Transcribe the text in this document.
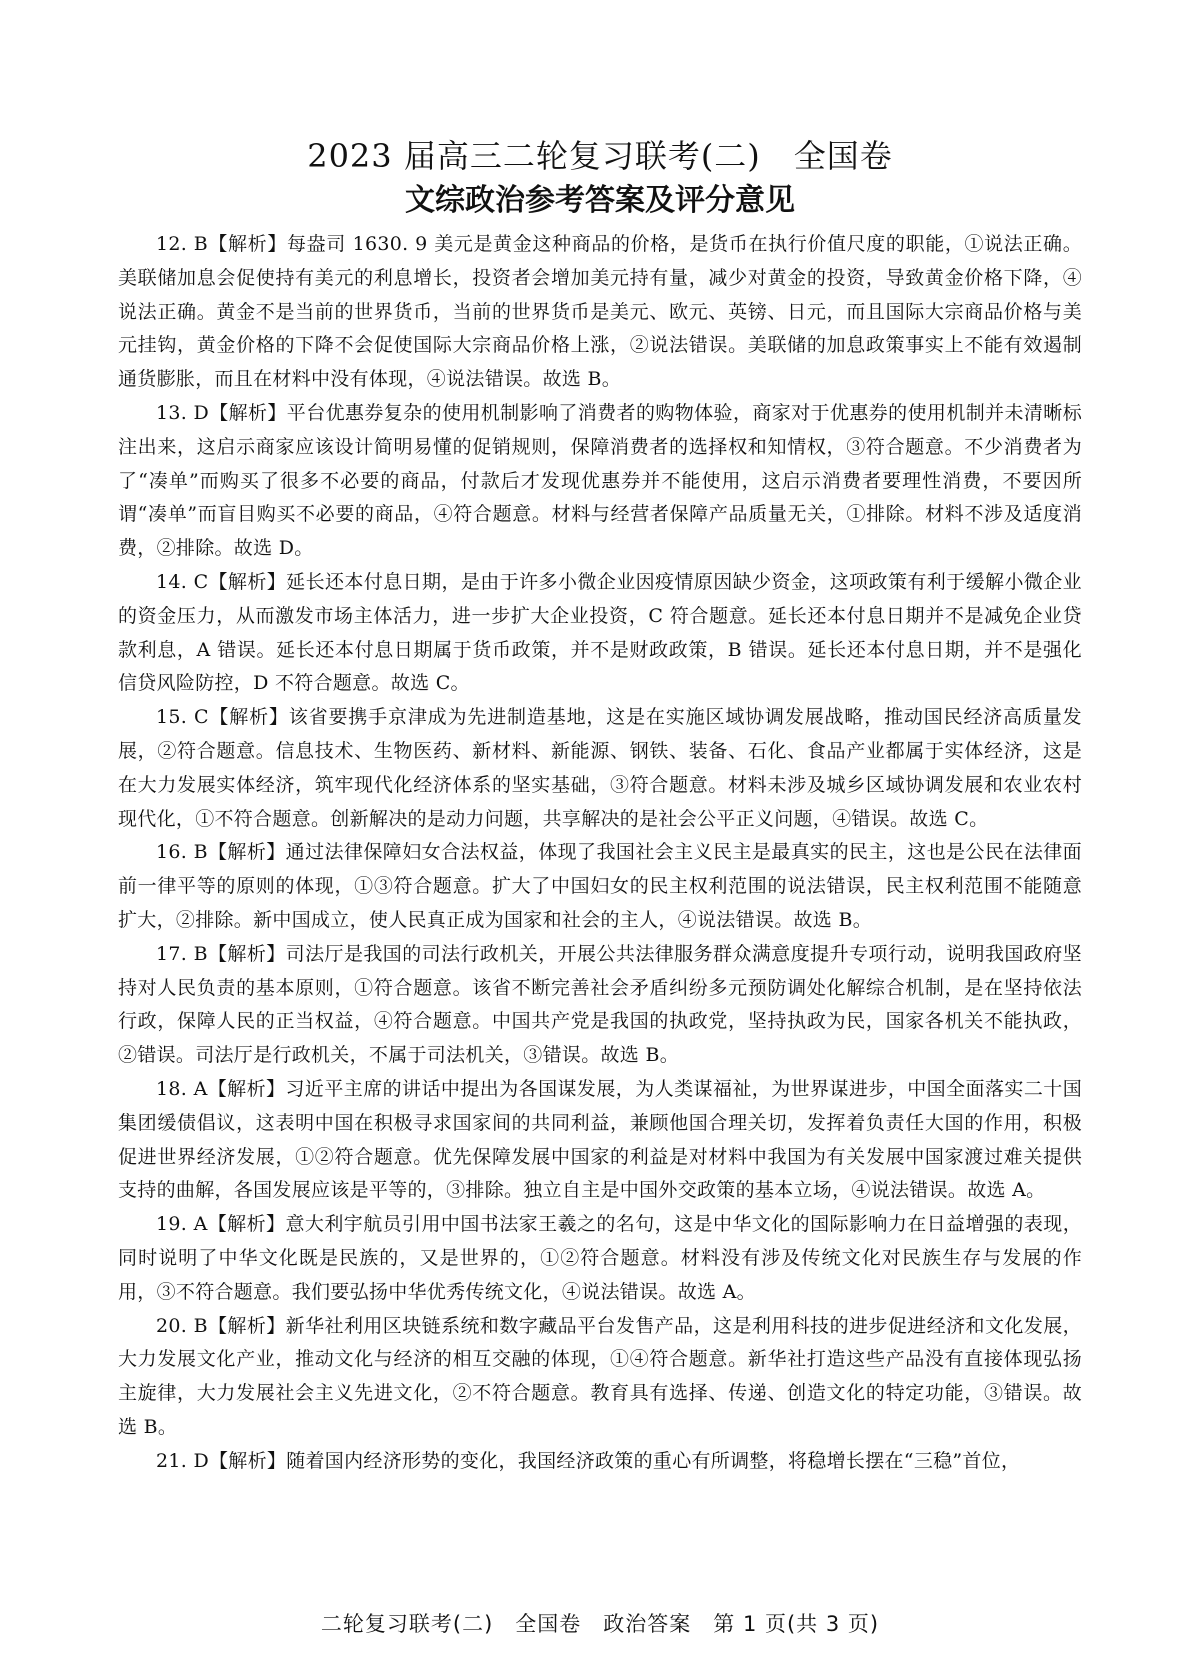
2023 届高三二轮复习联考(二)　全国卷
文综政治参考答案及评分意见

12. B【解析】每盎司 1630. 9 美元是黄金这种商品的价格，是货币在执行价值尺度的职能，①说法正确。美联储加息会促使持有美元的利息增长，投资者会增加美元持有量，减少对黄金的投资，导致黄金价格下降，④说法正确。黄金不是当前的世界货币，当前的世界货币是美元、欧元、英镑、日元，而且国际大宗商品价格与美元挂钩，黄金价格的下降不会促使国际大宗商品价格上涨，②说法错误。美联储的加息政策事实上不能有效遏制通货膨胀，而且在材料中没有体现，④说法错误。故选 B。

13. D【解析】平台优惠券复杂的使用机制影响了消费者的购物体验，商家对于优惠券的使用机制并未清晰标注出来，这启示商家应该设计简明易懂的促销规则，保障消费者的选择权和知情权，③符合题意。不少消费者为了“凑单”而购买了很多不必要的商品，付款后才发现优惠券并不能使用，这启示消费者要理性消费，不要因所谓“凑单”而盲目购买不必要的商品，④符合题意。材料与经营者保障产品质量无关，①排除。材料不涉及适度消费，②排除。故选 D。

14. C【解析】延长还本付息日期，是由于许多小微企业因疫情原因缺少资金，这项政策有利于缓解小微企业的资金压力，从而激发市场主体活力，进一步扩大企业投资，C 符合题意。延长还本付息日期并不是减免企业贷款利息，A 错误。延长还本付息日期属于货币政策，并不是财政政策，B 错误。延长还本付息日期，并不是强化信贷风险防控，D 不符合题意。故选 C。

15. C【解析】该省要携手京津成为先进制造基地，这是在实施区域协调发展战略，推动国民经济高质量发展，②符合题意。信息技术、生物医药、新材料、新能源、钢铁、装备、石化、食品产业都属于实体经济，这是在大力发展实体经济，筑牢现代化经济体系的坚实基础，③符合题意。材料未涉及城乡区域协调发展和农业农村现代化，①不符合题意。创新解决的是动力问题，共享解决的是社会公平正义问题，④错误。故选 C。

16. B【解析】通过法律保障妇女合法权益，体现了我国社会主义民主是最真实的民主，这也是公民在法律面前一律平等的原则的体现，①③符合题意。扩大了中国妇女的民主权利范围的说法错误，民主权利范围不能随意扩大，②排除。新中国成立，使人民真正成为国家和社会的主人，④说法错误。故选 B。

17. B【解析】司法厅是我国的司法行政机关，开展公共法律服务群众满意度提升专项行动，说明我国政府坚持对人民负责的基本原则，①符合题意。该省不断完善社会矛盾纠纷多元预防调处化解综合机制，是在坚持依法行政，保障人民的正当权益，④符合题意。中国共产党是我国的执政党，坚持执政为民，国家各机关不能执政，②错误。司法厅是行政机关，不属于司法机关，③错误。故选 B。

18. A【解析】习近平主席的讲话中提出为各国谋发展，为人类谋福祉，为世界谋进步，中国全面落实二十国集团缓债倡议，这表明中国在积极寻求国家间的共同利益，兼顾他国合理关切，发挥着负责任大国的作用，积极促进世界经济发展，①②符合题意。优先保障发展中国家的利益是对材料中我国为有关发展中国家渡过难关提供支持的曲解，各国发展应该是平等的，③排除。独立自主是中国外交政策的基本立场，④说法错误。故选 A。

19. A【解析】意大利宇航员引用中国书法家王羲之的名句，这是中华文化的国际影响力在日益增强的表现，同时说明了中华文化既是民族的，又是世界的，①②符合题意。材料没有涉及传统文化对民族生存与发展的作用，③不符合题意。我们要弘扬中华优秀传统文化，④说法错误。故选 A。

20. B【解析】新华社利用区块链系统和数字藏品平台发售产品，这是利用科技的进步促进经济和文化发展，大力发展文化产业，推动文化与经济的相互交融的体现，①④符合题意。新华社打造这些产品没有直接体现弘扬主旋律，大力发展社会主义先进文化，②不符合题意。教育具有选择、传递、创造文化的特定功能，③错误。故选 B。

21. D【解析】随着国内经济形势的变化，我国经济政策的重心有所调整，将稳增长摆在“三稳”首位，

二轮复习联考(二)　全国卷　政治答案　第 1 页(共 3 页)
